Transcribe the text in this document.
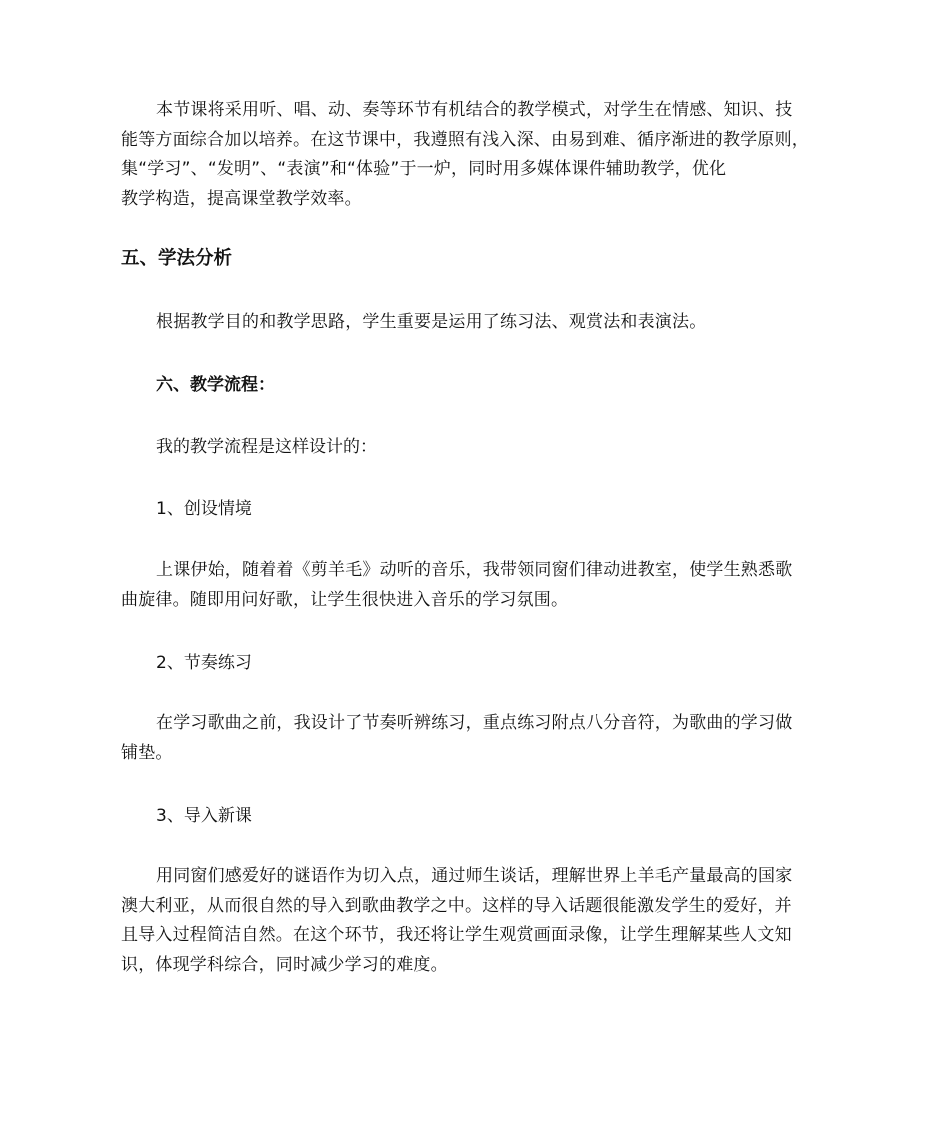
本节课将采用听、唱、动、奏等环节有机结合的教学模式，对学生在情感、知识、技
能等方面综合加以培养。在这节课中，我遵照有浅入深、由易到难、循序渐进的教学原则，
集“学习”、“发明”、“表演”和“体验”于一炉，同时用多媒体课件辅助教学，优化
教学构造，提高课堂教学效率。

五、学法分析

根据教学目的和教学思路，学生重要是运用了练习法、观赏法和表演法。

六、教学流程：

我的教学流程是这样设计的：

1、创设情境

上课伊始，随着着《剪羊毛》动听的音乐，我带领同窗们律动进教室，使学生熟悉歌
曲旋律。随即用问好歌，让学生很快进入音乐的学习氛围。

2、节奏练习

在学习歌曲之前，我设计了节奏听辨练习，重点练习附点八分音符，为歌曲的学习做
铺垫。

3、导入新课

用同窗们感爱好的谜语作为切入点，通过师生谈话，理解世界上羊毛产量最高的国家
澳大利亚，从而很自然的导入到歌曲教学之中。这样的导入话题很能激发学生的爱好，并
且导入过程简洁自然。在这个环节，我还将让学生观赏画面录像，让学生理解某些人文知
识，体现学科综合，同时减少学习的难度。
